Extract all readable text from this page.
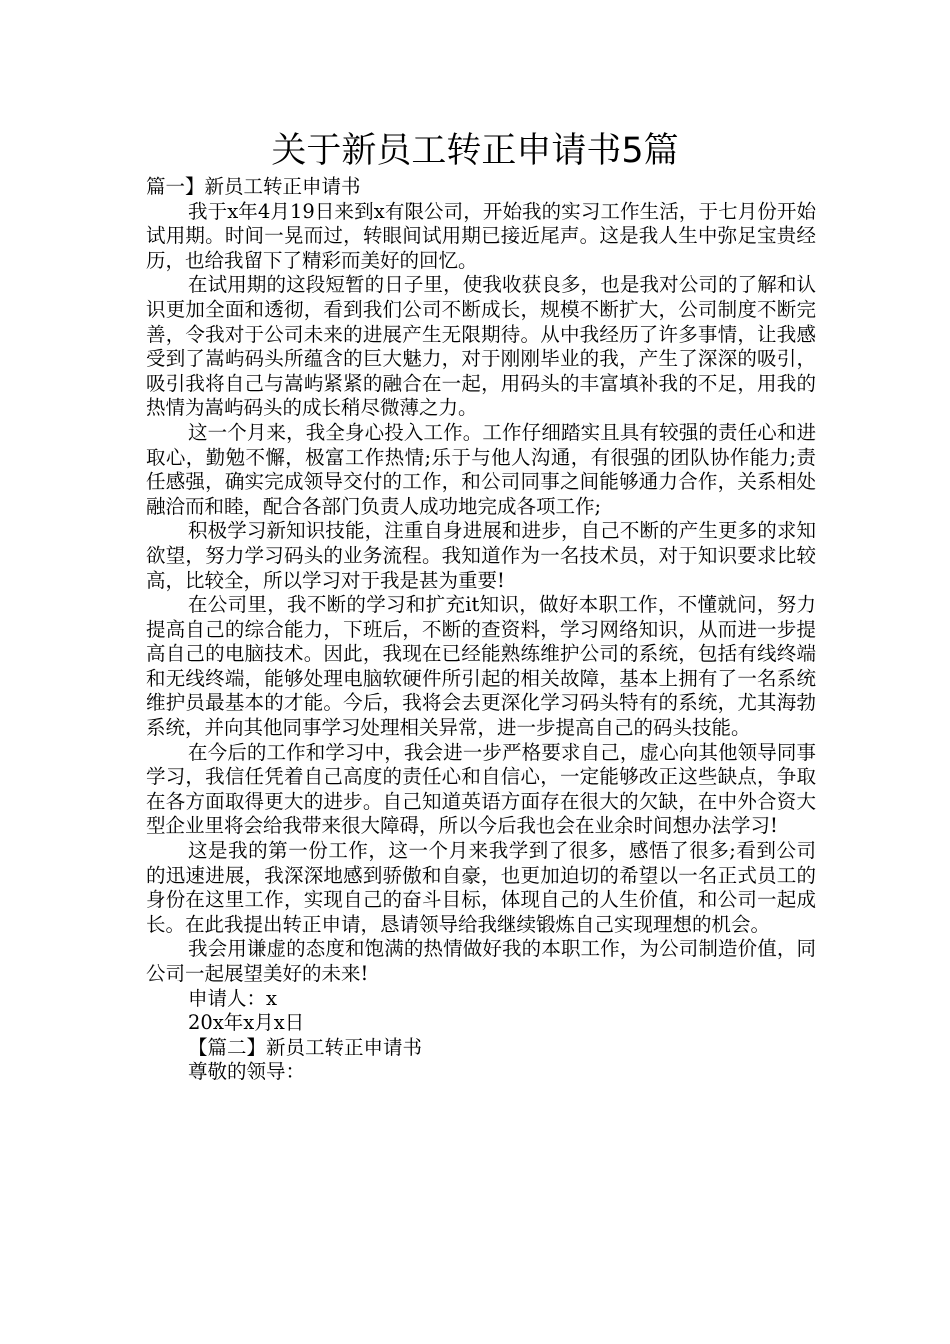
关于新员工转正申请书5篇

篇一】新员工转正申请书

我于x年4月19日来到x有限公司，开始我的实习工作生活，于七月份开始试用期。时间一晃而过，转眼间试用期已接近尾声。这是我人生中弥足宝贵经历，也给我留下了精彩而美好的回忆。

在试用期的这段短暂的日子里，使我收获良多，也是我对公司的了解和认识更加全面和透彻，看到我们公司不断成长，规模不断扩大，公司制度不断完善，令我对于公司未来的进展产生无限期待。从中我经历了许多事情，让我感受到了嵩屿码头所蕴含的巨大魅力，对于刚刚毕业的我，产生了深深的吸引，吸引我将自己与嵩屿紧紧的融合在一起，用码头的丰富填补我的不足，用我的热情为嵩屿码头的成长稍尽微薄之力。

这一个月来，我全身心投入工作。工作仔细踏实且具有较强的责任心和进取心，勤勉不懈，极富工作热情;乐于与他人沟通，有很强的团队协作能力;责任感强，确实完成领导交付的工作，和公司同事之间能够通力合作，关系相处融洽而和睦，配合各部门负责人成功地完成各项工作;

积极学习新知识技能，注重自身进展和进步，自己不断的产生更多的求知欲望，努力学习码头的业务流程。我知道作为一名技术员，对于知识要求比较高，比较全，所以学习对于我是甚为重要!

在公司里，我不断的学习和扩充it知识，做好本职工作，不懂就问，努力提高自己的综合能力，下班后，不断的查资料，学习网络知识，从而进一步提高自己的电脑技术。因此，我现在已经能熟练维护公司的系统，包括有线终端和无线终端，能够处理电脑软硬件所引起的相关故障，基本上拥有了一名系统维护员最基本的才能。今后，我将会去更深化学习码头特有的系统，尤其海勃系统，并向其他同事学习处理相关异常，进一步提高自己的码头技能。

在今后的工作和学习中，我会进一步严格要求自己，虚心向其他领导同事学习，我信任凭着自己高度的责任心和自信心，一定能够改正这些缺点，争取在各方面取得更大的进步。自己知道英语方面存在很大的欠缺，在中外合资大型企业里将会给我带来很大障碍，所以今后我也会在业余时间想办法学习!

这是我的第一份工作，这一个月来我学到了很多，感悟了很多;看到公司的迅速进展，我深深地感到骄傲和自豪，也更加迫切的希望以一名正式员工的身份在这里工作，实现自己的奋斗目标，体现自己的人生价值，和公司一起成长。在此我提出转正申请，恳请领导给我继续锻炼自己实现理想的机会。

我会用谦虚的态度和饱满的热情做好我的本职工作，为公司制造价值，同公司一起展望美好的未来!

申请人：x

20x年x月x日

【篇二】新员工转正申请书

尊敬的领导：
